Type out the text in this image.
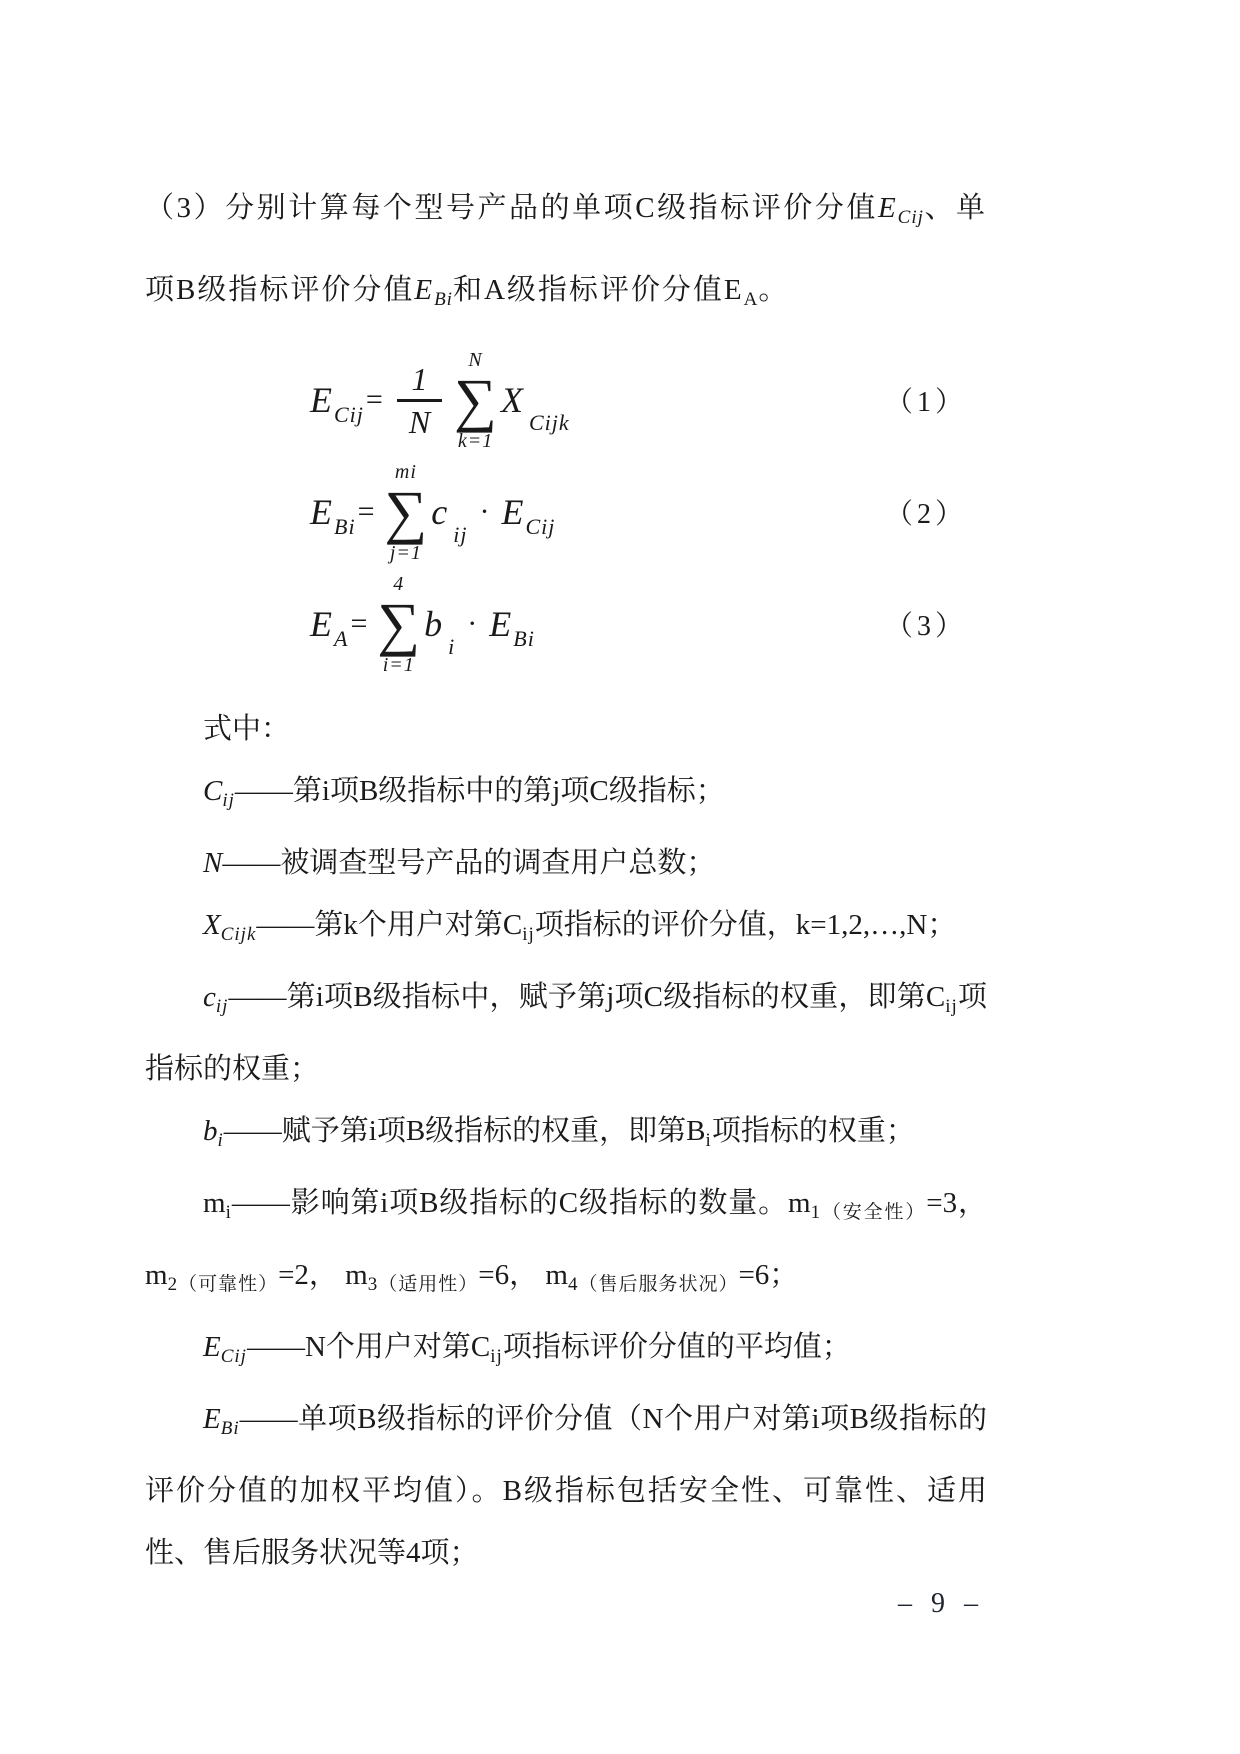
（3）分别计算每个型号产品的单项C级指标评价分值$E_{Cij}$、单项B级指标评价分值$E_{Bi}$和A级指标评价分值$E_A$。

E Cij = $\frac{1}{N}$ N
∑
k=1
X
Cijk
（1）
E Bi =
mi
∑
j=1
c
ij
· E Cij	（2）
E A =
4
∑
i=1
b
i
· E Bi	（3）

式中：

$C_{ij}——$第i项B级指标中的第j项C级指标；

N——被调查型号产品的调查用户总数；

$X_{Cijk}——$第k个用户对第$C_{ij}$项指标的评价分值，k=1,2,…,N；

$c_{ij}——$第i项B级指标中，赋予第j项C级指标的权重，即第$C_{ij}$项指标的权重；

$b_i——$赋予第i项B级指标的权重，即第$B_i$项指标的权重；

$m_i——$影响第i项B级指标的C级指标的数量。$m_{1(安全性)}=3$，$m_{2(可靠性)}=2$， $m_{3(适用性)}=6$， $m_{4(售后服务状况)}=6$；

$E_{Cij}——N$个用户对第$C_{ij}$项指标评价分值的平均值；

$E_{Bi}——$单项B级指标的评价分值（N个用户对第i项B级指标的评价分值的加权平均值）。B级指标包括安全性、可靠性、适用性、售后服务状况等4项；

– 9 –
